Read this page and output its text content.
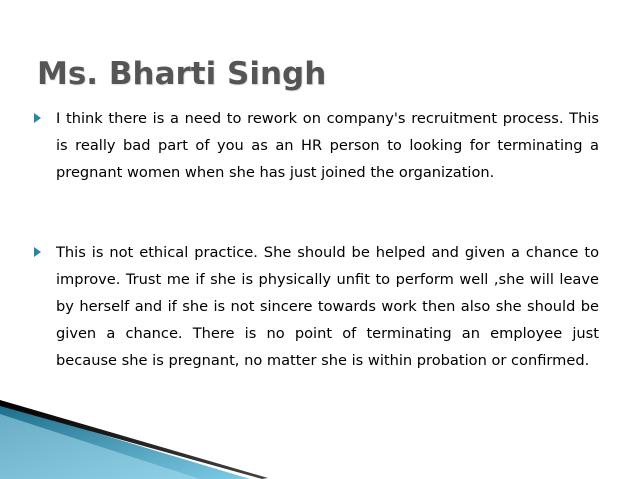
Ms. Bharti Singh
I think there is a need to rework on company's recruitment process. This is really bad part of you as an HR person to looking for terminating a pregnant women when she has just joined the organization.
This is not ethical practice. She should be helped and given a chance to improve. Trust me if she is physically unfit to perform well ,she will leave by herself and if she is not sincere towards work then also she should be given a chance. There is no point of terminating an employee just because she is pregnant, no matter she is within probation or confirmed.
